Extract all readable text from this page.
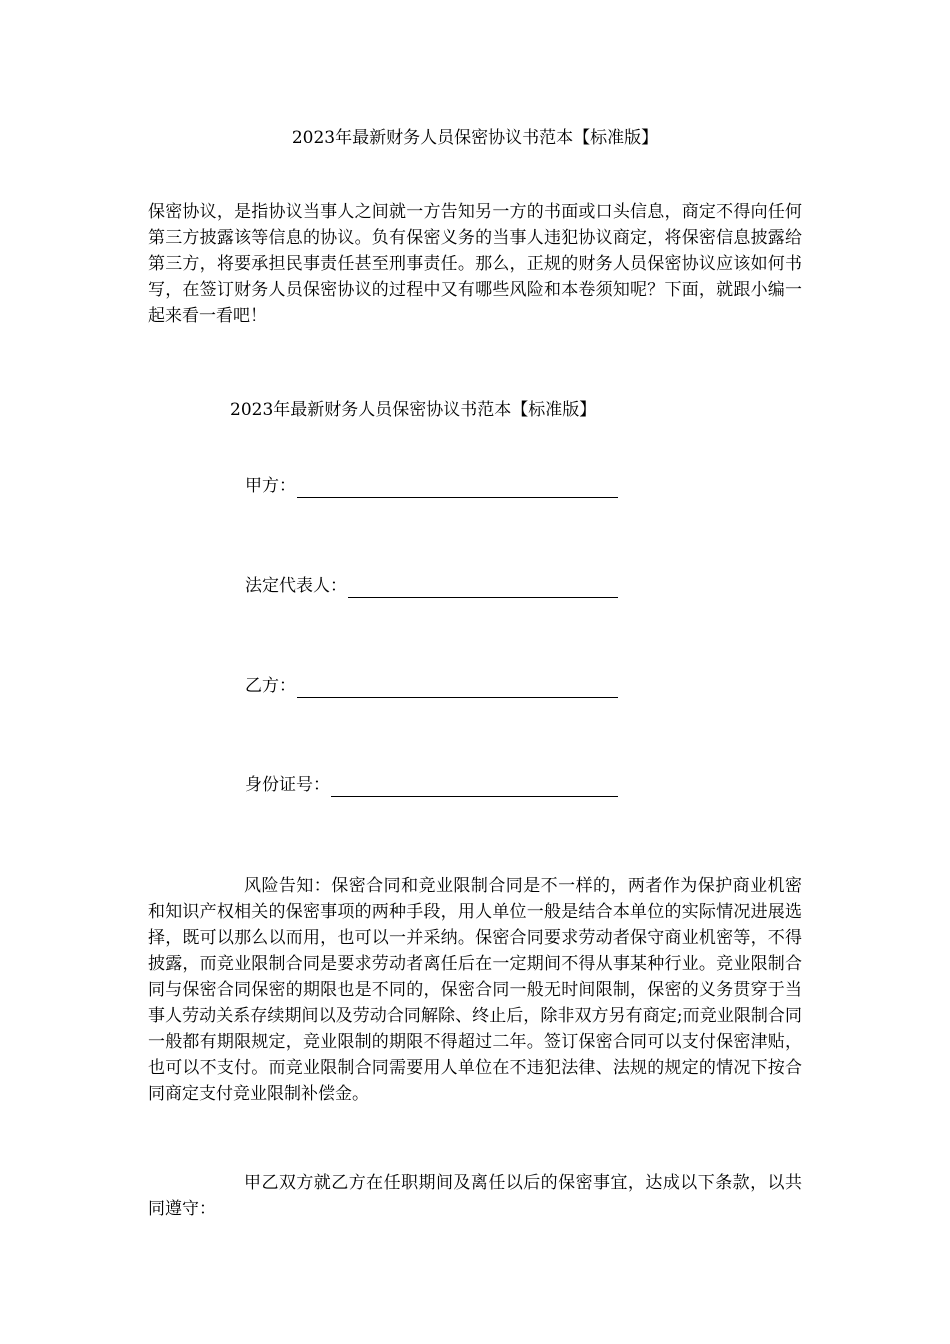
2023年最新财务人员保密协议书范本【标准版】
保密协议，是指协议当事人之间就一方告知另一方的书面或口头信息，商定不得向任何第三方披露该等信息的协议。负有保密义务的当事人违犯协议商定，将保密信息披露给第三方，将要承担民事责任甚至刑事责任。那么，正规的财务人员保密协议应该如何书写，在签订财务人员保密协议的过程中又有哪些风险和本卷须知呢？下面，就跟小编一起来看一看吧！
2023年最新财务人员保密协议书范本【标准版】
甲方：
法定代表人：
乙方：
身份证号：
风险告知：保密合同和竞业限制合同是不一样的，两者作为保护商业机密和知识产权相关的保密事项的两种手段，用人单位一般是结合本单位的实际情况进展选择，既可以那么以而用，也可以一并采纳。保密合同要求劳动者保守商业机密等，不得披露，而竞业限制合同是要求劳动者离任后在一定期间不得从事某种行业。竞业限制合同与保密合同保密的期限也是不同的，保密合同一般无时间限制，保密的义务贯穿于当事人劳动关系存续期间以及劳动合同解除、终止后，除非双方另有商定;而竞业限制合同一般都有期限规定，竞业限制的期限不得超过二年。签订保密合同可以支付保密津贴，也可以不支付。而竞业限制合同需要用人单位在不违犯法律、法规的规定的情况下按合同商定支付竞业限制补偿金。
甲乙双方就乙方在任职期间及离任以后的保密事宜，达成以下条款，以共同遵守：
